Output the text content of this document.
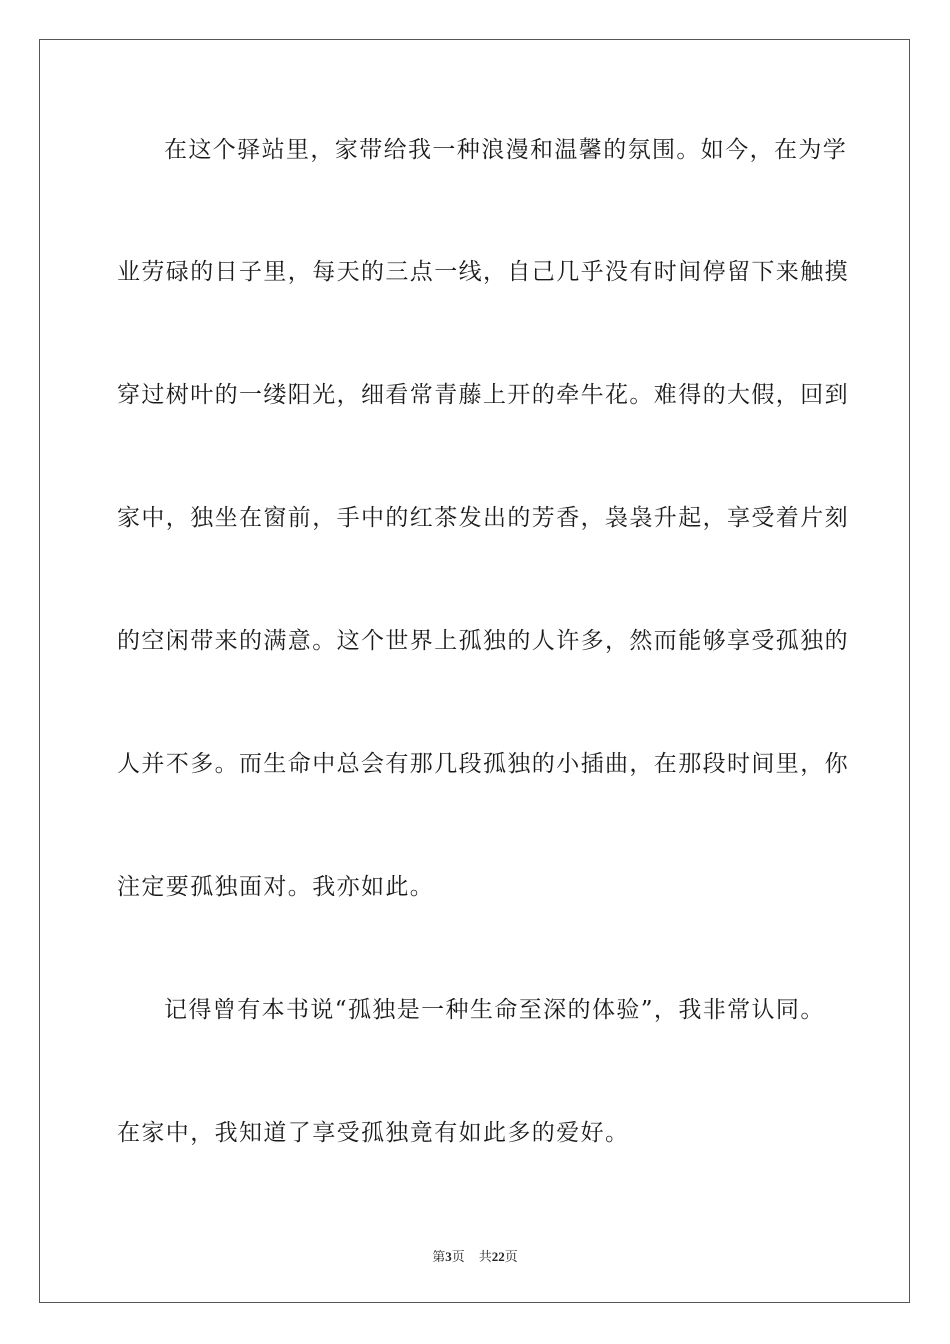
在这个驿站里，家带给我一种浪漫和温馨的氛围。如今，在为学
业劳碌的日子里，每天的三点一线，自己几乎没有时间停留下来触摸
穿过树叶的一缕阳光，细看常青藤上开的牵牛花。难得的大假，回到
家中，独坐在窗前，手中的红茶发出的芳香，袅袅升起，享受着片刻
的空闲带来的满意。这个世界上孤独的人许多，然而能够享受孤独的
人并不多。而生命中总会有那几段孤独的小插曲，在那段时间里，你
注定要孤独面对。我亦如此。
记得曾有本书说“孤独是一种生命至深的体验”，我非常认同。
在家中，我知道了享受孤独竟有如此多的爱好。
第3页 共22页
